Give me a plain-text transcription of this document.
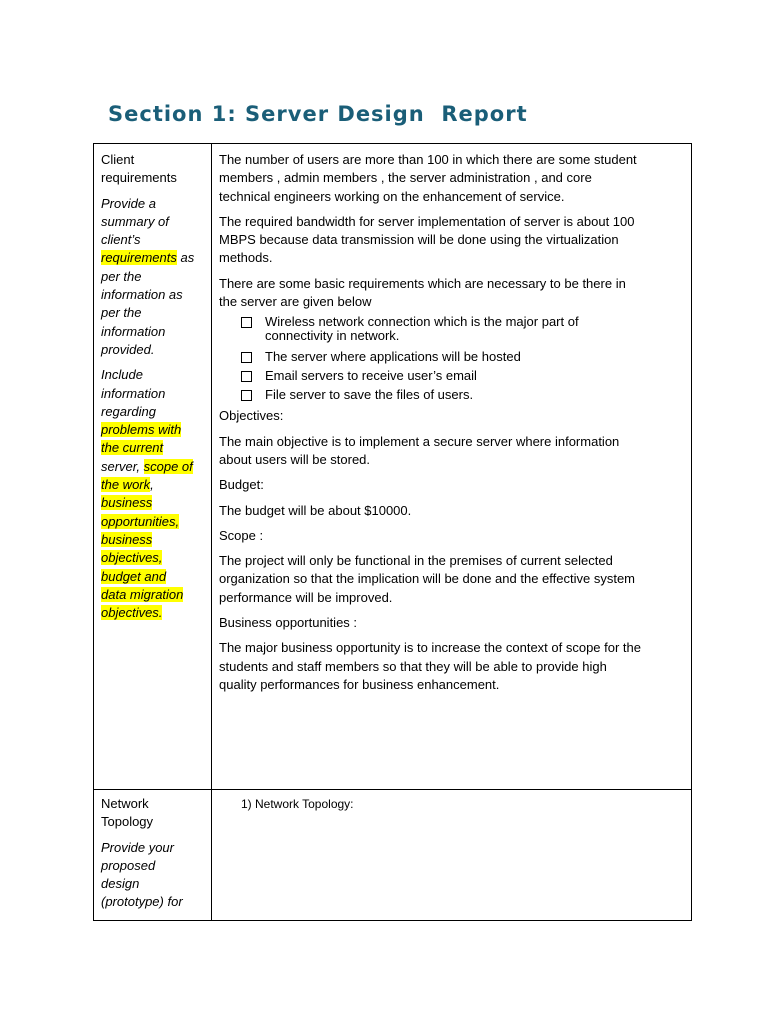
Section 1: Server Design  Report
Client
requirements
Provide a
summary of
client’s
requirements as
per the
information as
per the
information
provided.
Include
information
regarding
problems with
the current
server, scope of
the work,
business
opportunities,
business
objectives,
budget and
data migration
objectives.
The number of users are more than 100 in which there are some student
members , admin members , the server administration , and core
technical engineers working on the enhancement of service.
The required bandwidth for server implementation of server is about 100
MBPS because data transmission will be done using the virtualization
methods.
There are some basic requirements which are necessary to be there in
the server are given below
Wireless network connection which is the major part of
connectivity in network.
The server where applications will be hosted
Email servers to receive user’s email
File server to save the files of users.
Objectives:
The main objective is to implement a secure server where information
about users will be stored.
Budget:
The budget will be about $10000.
Scope :
The project will only be functional in the premises of current selected
organization so that the implication will be done and the effective system
performance will be improved.
Business opportunities :
The major business opportunity is to increase the context of scope for the
students and staff members so that they will be able to provide high
quality performances for business enhancement.
Network
Topology
Provide your
proposed
design
(prototype) for
1) Network Topology:
